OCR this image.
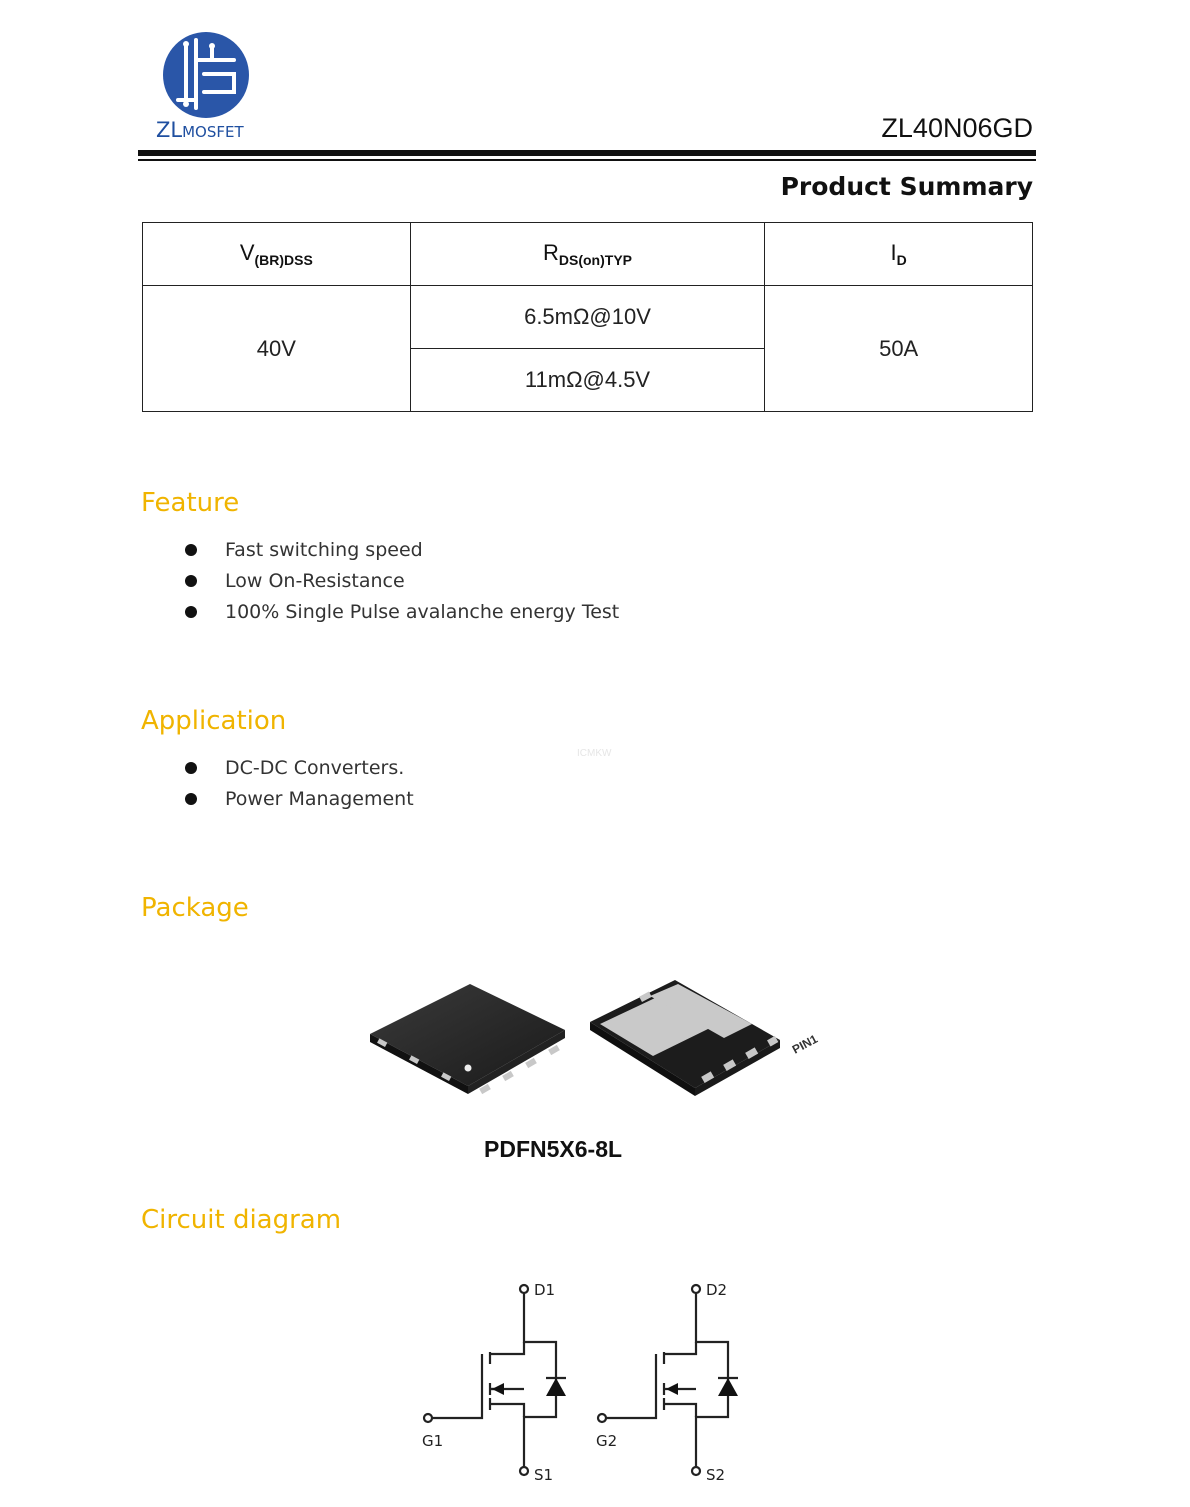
ZLMOSFET	ZL40N06GD
Product Summary
$V_{(BR)DSS}$	$R_{DS(on)TYP}$	$I_D$
40V	6.5mΩ@10V	50A
	11mΩ@4.5V	
Feature
Fast switching speed
Low On-Resistance
100% Single Pulse avalanche energy Test
Application
ICMKW
DC-DC Converters.
Power Management
Package
PIN1
PDFN5X6-8L
Circuit diagram
D1
G1
S1
D2
G2
S2
